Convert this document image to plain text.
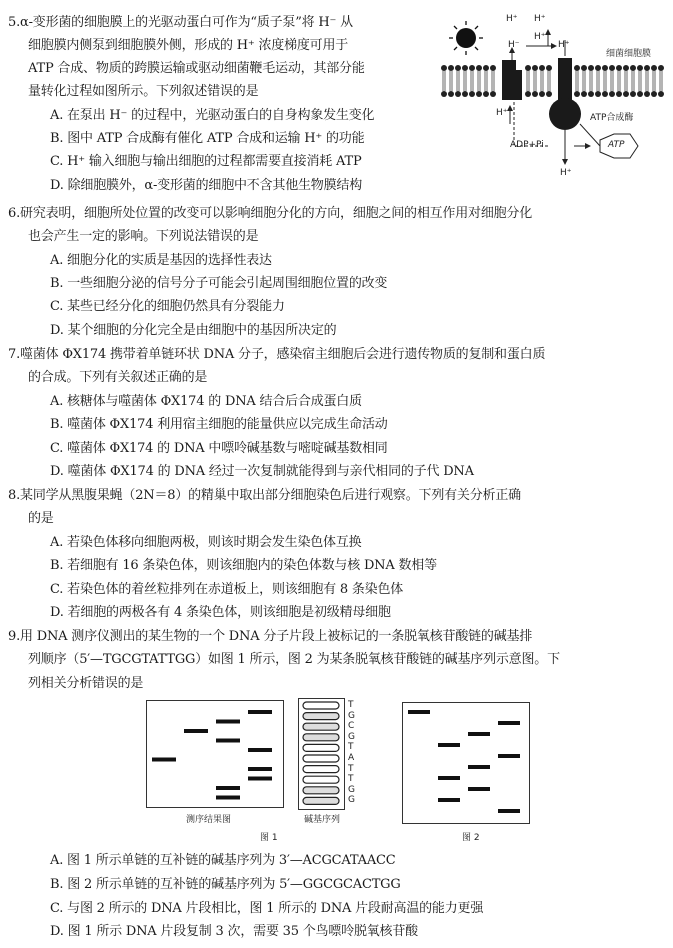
5.α-变形菌的细胞膜上的光驱动蛋白可作为“质子泵”将 H⁻ 从
细胞膜内侧泵到细胞膜外侧，形成的 H⁺ 浓度梯度可用于
ATP 合成、物质的跨膜运输或驱动细菌鞭毛运动，其部分能
量转化过程如图所示。下列叙述错误的是
A. 在泵出 H⁻ 的过程中，光驱动蛋白的自身构象发生变化
B. 图中 ATP 合成酶有催化 ATP 合成和运输 H⁺ 的功能
C. H⁺ 输入细胞与输出细胞的过程都需要直接消耗 ATP
D. 除细胞膜外，α-变形菌的细胞中不含其他生物膜结构
H⁺ H⁺
H⁻
H⁺
H⁺
细菌细胞膜
H⁺	ATP合成酶
ADP+Pi	ATP
H⁺
6.研究表明，细胞所处位置的改变可以影响细胞分化的方向，细胞之间的相互作用对细胞分化
也会产生一定的影响。下列说法错误的是
A. 细胞分化的实质是基因的选择性表达
B. 一些细胞分泌的信号分子可能会引起周围细胞位置的改变
C. 某些已经分化的细胞仍然具有分裂能力
D. 某个细胞的分化完全是由细胞中的基因所决定的
7.噬菌体 ΦX174 携带着单链环状 DNA 分子，感染宿主细胞后会进行遗传物质的复制和蛋白质
的合成。下列有关叙述正确的是
A. 核糖体与噬菌体 ΦX174 的 DNA 结合后合成蛋白质
B. 噬菌体 ΦX174 利用宿主细胞的能量供应以完成生命活动
C. 噬菌体 ΦX174 的 DNA 中嘌呤碱基数与嘧啶碱基数相同
D. 噬菌体 ΦX174 的 DNA 经过一次复制就能得到与亲代相同的子代 DNA
8.某同学从黑腹果蝇（2N＝8）的精巢中取出部分细胞染色后进行观察。下列有关分析正确
的是
A. 若染色体移向细胞两极，则该时期会发生染色体互换
B. 若细胞有 16 条染色体，则该细胞内的染色体数与核 DNA 数相等
C. 若染色体的着丝粒排列在赤道板上，则该细胞有 8 条染色体
D. 若细胞的两极各有 4 条染色体，则该细胞是初级精母细胞
9.用 DNA 测序仪测出的某生物的一个 DNA 分子片段上被标记的一条脱氧核苷酸链的碱基排
列顺序（5′—TGCGTATTGG）如图 1 所示，图 2 为某条脱氧核苷酸链的碱基序列示意图。下
列相关分析错误的是
T
G
C
G
T
A
T
T
G
G
测序结果图	碱基序列
图 1	图 2
A. 图 1 所示单链的互补链的碱基序列为 3′—ACGCATAACC
B. 图 2 所示单链的互补链的碱基序列为 5′—GGCGCACTGG
C. 与图 2 所示的 DNA 片段相比，图 1 所示的 DNA 片段耐高温的能力更强
D. 图 1 所示 DNA 片段复制 3 次，需要 35 个鸟嘌呤脱氧核苷酸
